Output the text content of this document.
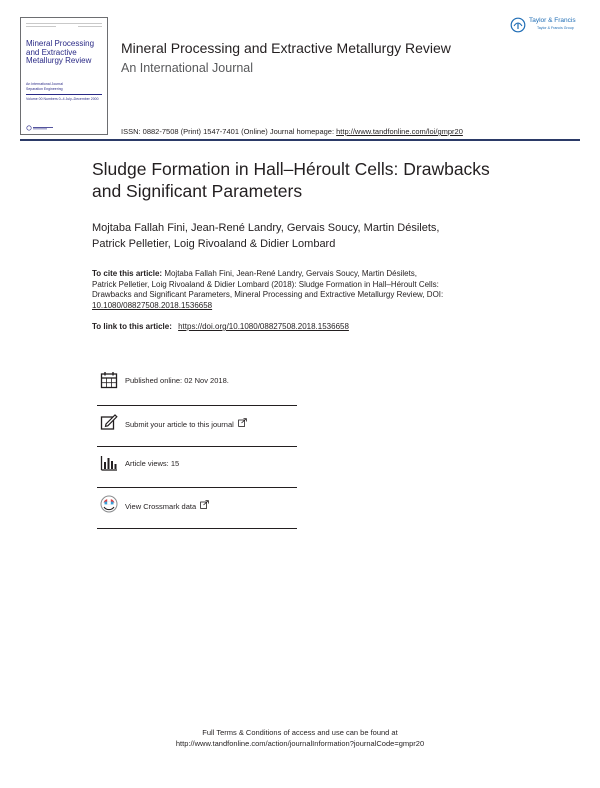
Mineral Processing and Extractive Metallurgy Review
An International Journal
Separation Engineering
Volume 00 Numbers 0–4 July–December 2000
Mineral Processing and Extractive Metallurgy Review
An International Journal
Taylor & Francis
Taylor & Francis Group
ISSN: 0882-7508 (Print) 1547-7401 (Online) Journal homepage: http://www.tandfonline.com/loi/gmpr20
Sludge Formation in Hall–Héroult Cells: Drawbacks
and Significant Parameters
Mojtaba Fallah Fini, Jean-René Landry, Gervais Soucy, Martin Désilets,
Patrick Pelletier, Loig Rivoaland & Didier Lombard
To cite this article: Mojtaba Fallah Fini, Jean-René Landry, Gervais Soucy, Martin Désilets,
Patrick Pelletier, Loig Rivoaland & Didier Lombard (2018): Sludge Formation in Hall–Héroult Cells:
Drawbacks and Significant Parameters, Mineral Processing and Extractive Metallurgy Review, DOI:
10.1080/08827508.2018.1536658
To link to this article: https://doi.org/10.1080/08827508.2018.1536658
Published online: 02 Nov 2018.
Submit your article to this journal
Article views: 15
View Crossmark data
Full Terms & Conditions of access and use can be found at
http://www.tandfonline.com/action/journalInformation?journalCode=gmpr20
